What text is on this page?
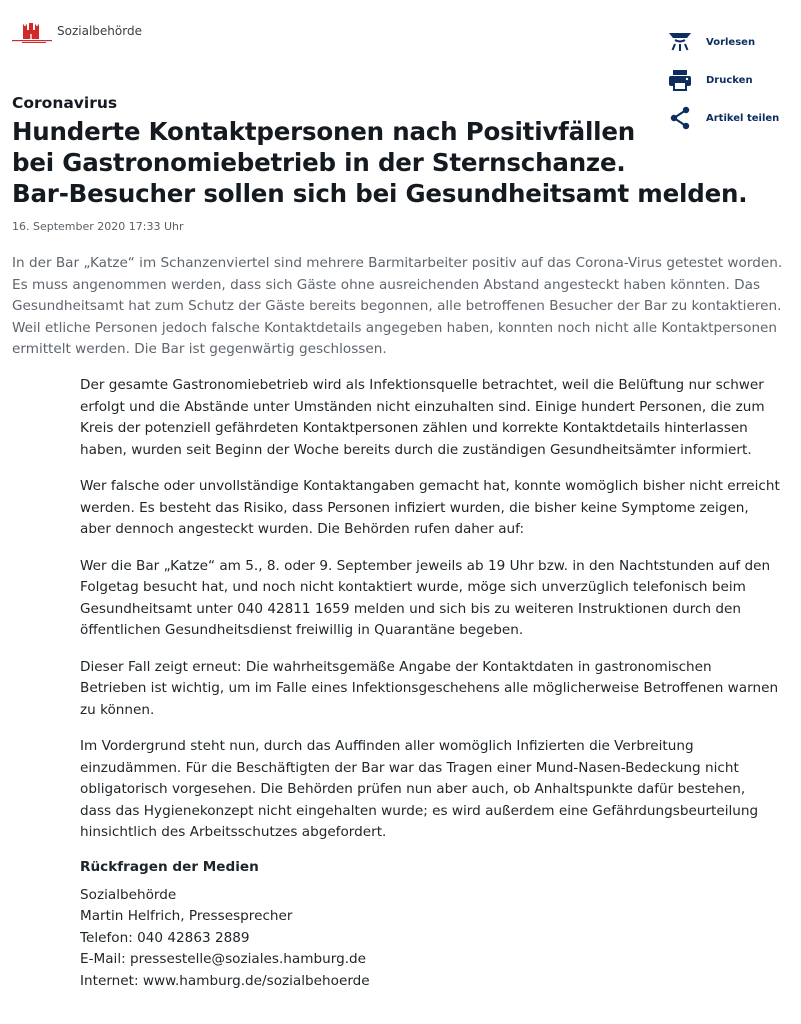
Sozialbehörde
Vorlesen
Drucken
Artikel teilen

Coronavirus

Hunderte Kontaktpersonen nach Positivfällen
bei Gastronomiebetrieb in der Sternschanze.
Bar-Besucher sollen sich bei Gesundheitsamt melden.
16. September 2020 17:33 Uhr

In der Bar „Katze“ im Schanzenviertel sind mehrere Barmitarbeiter positiv auf das Corona-Virus getestet worden. Es muss angenommen werden, dass sich Gäste ohne ausreichenden Abstand angesteckt haben könnten. Das Gesundheitsamt hat zum Schutz der Gäste bereits begonnen, alle betroffenen Besucher der Bar zu kontaktieren. Weil etliche Personen jedoch falsche Kontaktdetails angegeben haben, konnten noch nicht alle Kontaktpersonen ermittelt werden. Die Bar ist gegenwärtig geschlossen.

Der gesamte Gastronomiebetrieb wird als Infektionsquelle betrachtet, weil die Belüftung nur schwer erfolgt und die Abstände unter Umständen nicht einzuhalten sind. Einige hundert Personen, die zum Kreis der potenziell gefährdeten Kontaktpersonen zählen und korrekte Kontaktdetails hinterlassen haben, wurden seit Beginn der Woche bereits durch die zuständigen Gesundheitsämter informiert.

Wer falsche oder unvollständige Kontaktangaben gemacht hat, konnte womöglich bisher nicht erreicht werden. Es besteht das Risiko, dass Personen infiziert wurden, die bisher keine Symptome zeigen, aber dennoch angesteckt wurden. Die Behörden rufen daher auf:

Wer die Bar „Katze“ am 5., 8. oder 9. September jeweils ab 19 Uhr bzw. in den Nachtstunden auf den Folgetag besucht hat, und noch nicht kontaktiert wurde, möge sich unverzüglich telefonisch beim Gesundheitsamt unter 040 42811 1659 melden und sich bis zu weiteren Instruktionen durch den öffentlichen Gesundheitsdienst freiwillig in Quarantäne begeben.

Dieser Fall zeigt erneut: Die wahrheitsgemäße Angabe der Kontaktdaten in gastronomischen Betrieben ist wichtig, um im Falle eines Infektionsgeschehens alle möglicherweise Betroffenen warnen zu können.

Im Vordergrund steht nun, durch das Auffinden aller womöglich Infizierten die Verbreitung einzudämmen. Für die Beschäftigten der Bar war das Tragen einer Mund-Nasen-Bedeckung nicht obligatorisch vorgesehen. Die Behörden prüfen nun aber auch, ob Anhaltspunkte dafür bestehen, dass das Hygienekonzept nicht eingehalten wurde; es wird außerdem eine Gefährdungsbeurteilung hinsichtlich des Arbeitsschutzes abgefordert.

Rückfragen der Medien
Sozialbehörde
Martin Helfrich, Pressesprecher
Telefon: 040 42863 2889
E-Mail: pressestelle@soziales.hamburg.de
Internet: www.hamburg.de/sozialbehoerde
